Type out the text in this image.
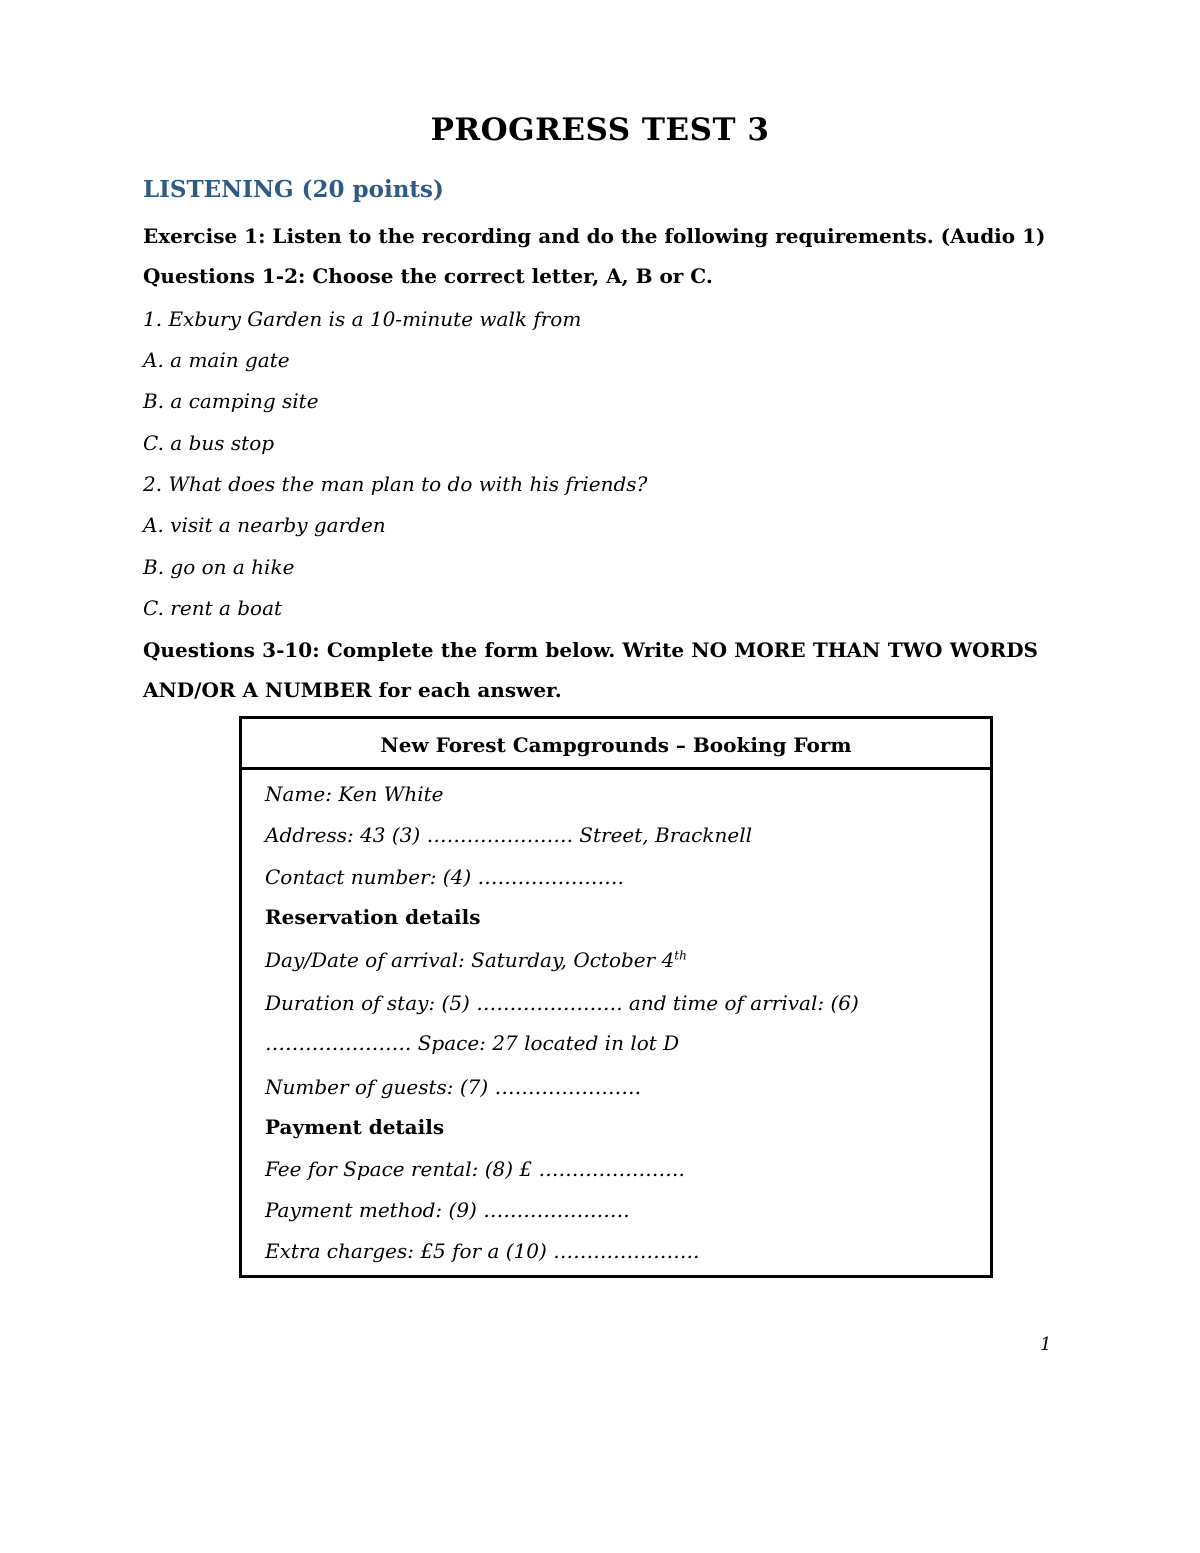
PROGRESS TEST 3
LISTENING (20 points)
Exercise 1: Listen to the recording and do the following requirements. (Audio 1)
Questions 1-2: Choose the correct letter, A, B or C.
1. Exbury Garden is a 10-minute walk from
A. a main gate
B. a camping site
C. a bus stop
2. What does the man plan to do with his friends?
A. visit a nearby garden
B. go on a hike
C. rent a boat
Questions 3-10: Complete the form below. Write NO MORE THAN TWO WORDS
AND/OR A NUMBER for each answer.
New Forest Campgrounds – Booking Form
Name: Ken White
Address: 43 (3) …………………. Street, Bracknell
Contact number: (4) ………………….
Reservation details
Day/Date of arrival: Saturday, October 4th
Duration of stay: (5) …………………. and time of arrival: (6)
…………………. Space: 27 located in lot D
Number of guests: (7) ………………….
Payment details
Fee for Space rental: (8) £ ………………….
Payment method: (9) ………………….
Extra charges: £5 for a (10) ………………….
1
